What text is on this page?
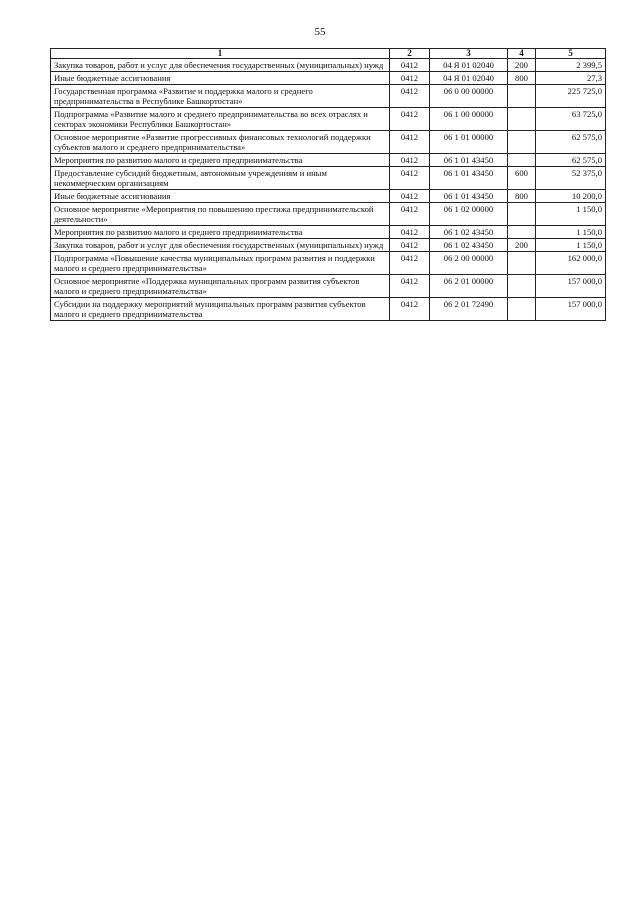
55
1	2	3	4	5
Закупка товаров, работ и услуг для обеспечения государственных (муниципальных) нужд	0412	04 Я 01 02040	200	2 399,5
Иные бюджетные ассигнования	0412	04 Я 01 02040	800	27,3
Государственная программа «Развитие и поддержка малого и среднего предпринимательства в Республике Башкортостан»	0412	06 0 00 00000		225 725,0
Подпрограмма «Развитие малого и среднего предпринимательства во всех отраслях и секторах экономики Республики Башкортостан»	0412	06 1 00 00000		63 725,0
Основное мероприятие «Развитие прогрессивных финансовых технологий поддержки субъектов малого и среднего предпринимательства»	0412	06 1 01 00000		62 575,0
Мероприятия по развитию малого и среднего предпринимательства	0412	06 1 01 43450		62 575,0
Предоставление субсидий бюджетным, автономным учреждениям и иным некоммерческим организациям	0412	06 1 01 43450	600	52 375,0
Иные бюджетные ассигнования	0412	06 1 01 43450	800	10 200,0
Основное мероприятие «Мероприятия по повышению престижа предпринимательской деятельности»	0412	06 1 02 00000		1 150,0
Мероприятия по развитию малого и среднего предпринимательства	0412	06 1 02 43450		1 150,0
Закупка товаров, работ и услуг для обеспечения государственных (муниципальных) нужд	0412	06 1 02 43450	200	1 150,0
Подпрограмма «Повышение качества муниципальных программ развития и поддержки малого и среднего предпринимательства»	0412	06 2 00 00000		162 000,0
Основное мероприятие «Поддержка муниципальных программ развития субъектов малого и среднего предпринимательства»	0412	06 2 01 00000		157 000,0
Субсидии на поддержку мероприятий муниципальных программ развития субъектов малого и среднего предпринимательства	0412	06 2 01 72490		157 000,0
